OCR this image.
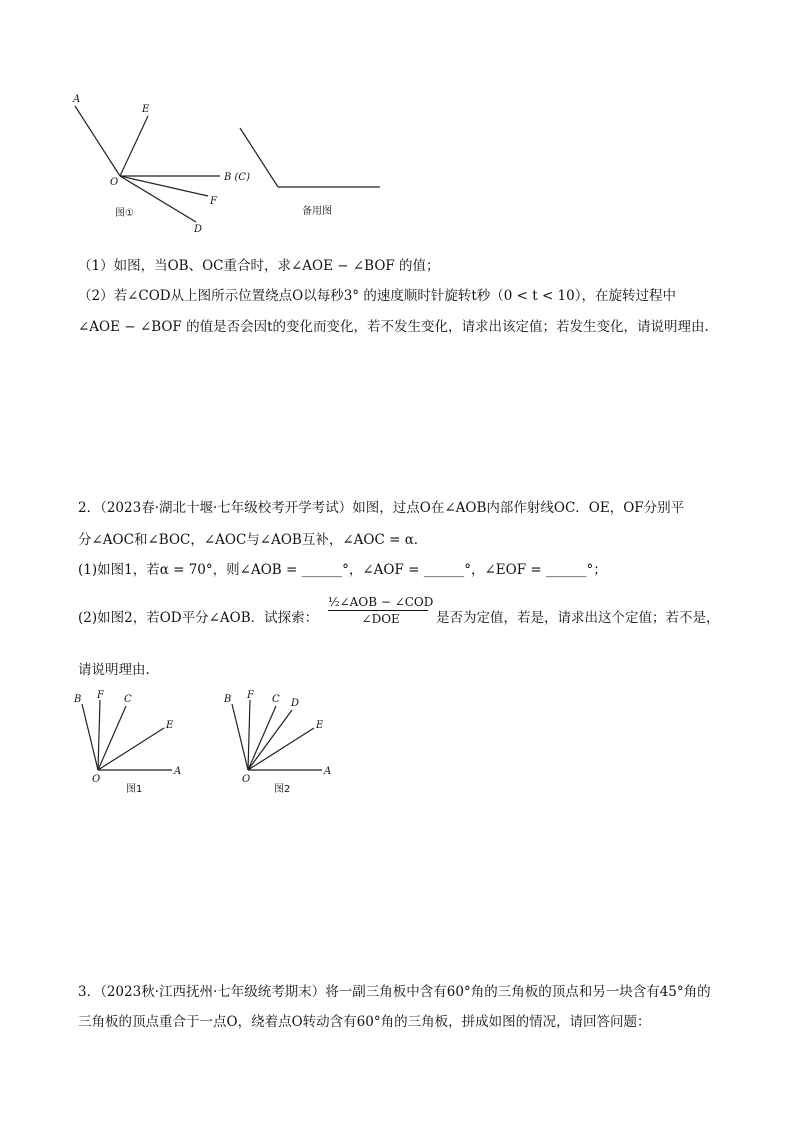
A
E
O	B (C)
F
D
图①	备用图
（1）如图，当OB、OC重合时，求∠AOE − ∠BOF 的值；
（2）若∠COD从上图所示位置绕点O以每秒3° 的速度顺时针旋转t秒（0 < t < 10），在旋转过程中
∠AOE − ∠BOF 的值是否会因t的变化而变化，若不发生变化，请求出该定值；若发生变化，请说明理由.
2．（2023春·湖北十堰·七年级校考开学考试）如图，过点O在∠AOB内部作射线OC．OE，OF分别平
分∠AOC和∠BOC，∠AOC与∠AOB互补，∠AOC = α．
(1)如图1，若α = 70°，则∠AOB = ______°，∠AOF = ______°，∠EOF = ______°；
(2)如图2，若OD平分∠AOB．试探索：
½∠AOB − ∠COD
∠DOE	是否为定值，若是，请求出这个定值；若不是，
请说明理由.
B F C
E
O
A
图1
B F C D
E
O
A
图2
3．（2023秋·江西抚州·七年级统考期末）将一副三角板中含有60°角的三角板的顶点和另一块含有45°角的
三角板的顶点重合于一点O，绕着点O转动含有60°角的三角板，拼成如图的情况，请回答问题：
